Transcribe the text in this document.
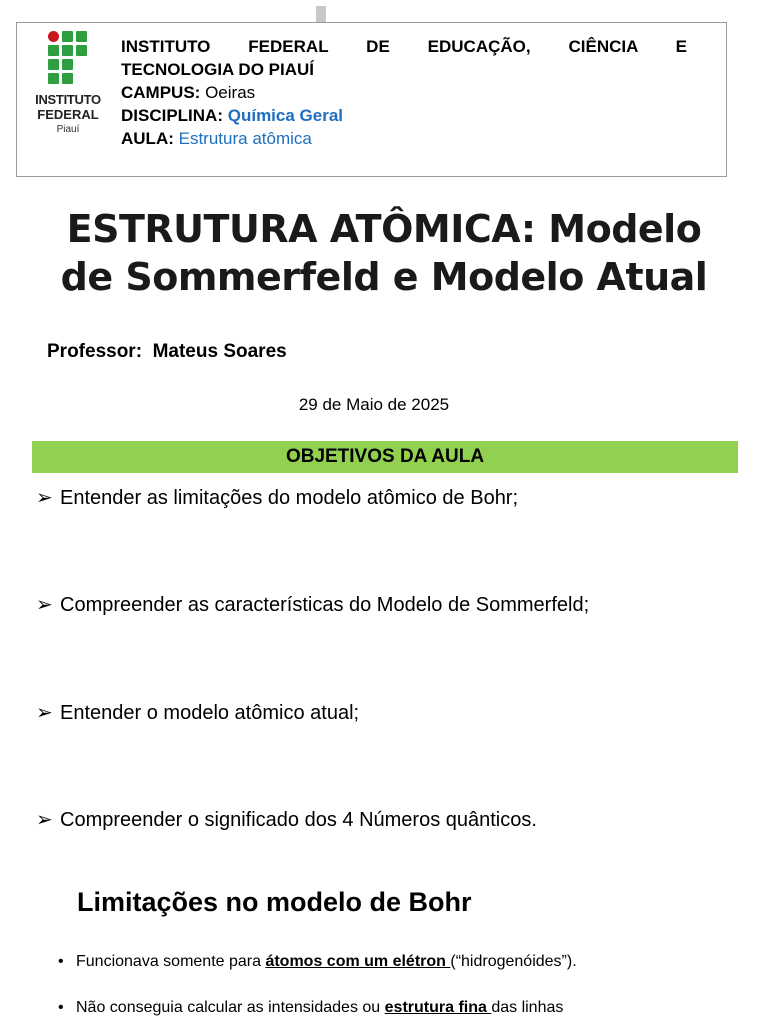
INSTITUTO
FEDERAL
Piauí
INSTITUTO FEDERAL DE EDUCAÇÃO, CIÊNCIA E
TECNOLOGIA DO PIAUÍ
CAMPUS: Oeiras
DISCIPLINA: Química Geral
AULA: Estrutura atômica
ESTRUTURA ATÔMICA: Modelo
de Sommerfeld e Modelo Atual
Professor:  Mateus Soares
29 de Maio de 2025
OBJETIVOS DA AULA
➢ Entender as limitações do modelo atômico de Bohr;
➢ Compreender as características do Modelo de Sommerfeld;
➢ Entender o modelo atômico atual;
➢ Compreender o significado dos 4 Números quânticos.
Limitações no modelo de Bohr
• Funcionava somente para átomos com um elétron (“hidrogenóides”).
• Não conseguia calcular as intensidades ou estrutura fina das linhas
